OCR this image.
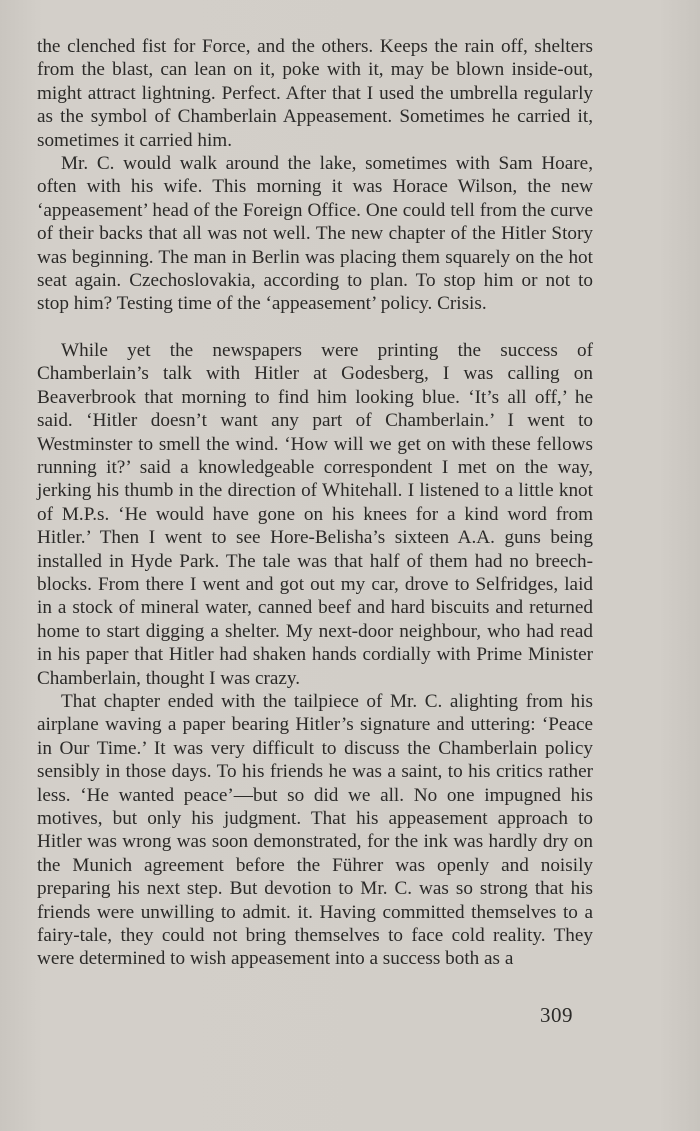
the clenched fist for Force, and the others. Keeps the rain off, shelters from the blast, can lean on it, poke with it, may be blown inside-out, might attract lightning. Perfect. After that I used the umbrella regularly as the symbol of Chamberlain Appeasement. Sometimes he carried it, sometimes it carried him.

Mr. C. would walk around the lake, sometimes with Sam Hoare, often with his wife. This morning it was Horace Wilson, the new ‘appeasement’ head of the Foreign Office. One could tell from the curve of their backs that all was not well. The new chapter of the Hitler Story was beginning. The man in Berlin was placing them squarely on the hot seat again. Czechoslovakia, according to plan. To stop him or not to stop him? Testing time of the ‘appeasement’ policy. Crisis.

While yet the newspapers were printing the success of Chamberlain’s talk with Hitler at Godesberg, I was calling on Beaverbrook that morning to find him looking blue. ‘It’s all off,’ he said. ‘Hitler doesn’t want any part of Chamberlain.’ I went to Westminster to smell the wind. ‘How will we get on with these fellows running it?’ said a knowledgeable correspondent I met on the way, jerking his thumb in the direction of Whitehall. I listened to a little knot of M.P.s. ‘He would have gone on his knees for a kind word from Hitler.’ Then I went to see Hore-Belisha’s sixteen A.A. guns being installed in Hyde Park. The tale was that half of them had no breech-blocks. From there I went and got out my car, drove to Selfridges, laid in a stock of mineral water, canned beef and hard biscuits and returned home to start digging a shelter. My next-door neighbour, who had read in his paper that Hitler had shaken hands cordially with Prime Minister Chamberlain, thought I was crazy.

That chapter ended with the tailpiece of Mr. C. alighting from his airplane waving a paper bearing Hitler’s signature and uttering: ‘Peace in Our Time.’ It was very difficult to discuss the Chamberlain policy sensibly in those days. To his friends he was a saint, to his critics rather less. ‘He wanted peace’—but so did we all. No one impugned his motives, but only his judgment. That his appeasement approach to Hitler was wrong was soon demonstrated, for the ink was hardly dry on the Munich agreement before the Führer was openly and noisily preparing his next step. But devotion to Mr. C. was so strong that his friends were unwilling to admit. it. Having committed themselves to a fairy-tale, they could not bring themselves to face cold reality. They were determined to wish appeasement into a success both as a

309
